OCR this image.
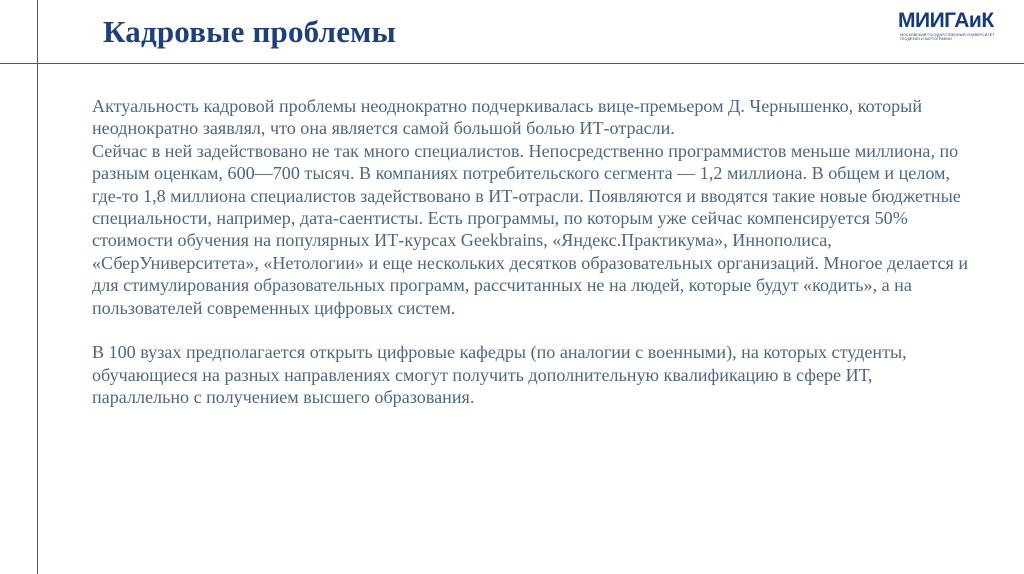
Кадровые проблемы	МИИГАиК
МОСКОВСКИЙ ГОСУДАРСТВЕННЫЙ УНИВЕРСИТЕТ
ГЕОДЕЗИИ И КАРТОГРАФИИ

Актуальность кадровой проблемы неоднократно подчеркивалась вице-премьером Д. Чернышенко, который неоднократно заявлял, что она является самой большой болью ИТ-отрасли.

Сейчас в ней задействовано не так много специалистов. Непосредственно программистов меньше миллиона, по разным оценкам, 600—700 тысяч. В компаниях потребительского сегмента — 1,2 миллиона. В общем и целом, где-то 1,8 миллиона специалистов задействовано в ИТ-отрасли. Появляются и вводятся такие новые бюджетные специальности, например, дата-саентисты. Есть программы, по которым уже сейчас компенсируется 50% стоимости обучения на популярных ИТ-курсах Geekbrains, «Яндекс.Практикума», Иннополиса, «СберУниверситета», «Нетологии» и еще нескольких десятков образовательных организаций. Многое делается и для стимулирования образовательных программ, рассчитанных не на людей, которые будут «кодить», а на пользователей современных цифровых систем.

В 100 вузах предполагается открыть цифровые кафедры (по аналогии с военными), на которых студенты, обучающиеся на разных направлениях смогут получить дополнительную квалификацию в сфере ИТ, параллельно с получением высшего образования.
